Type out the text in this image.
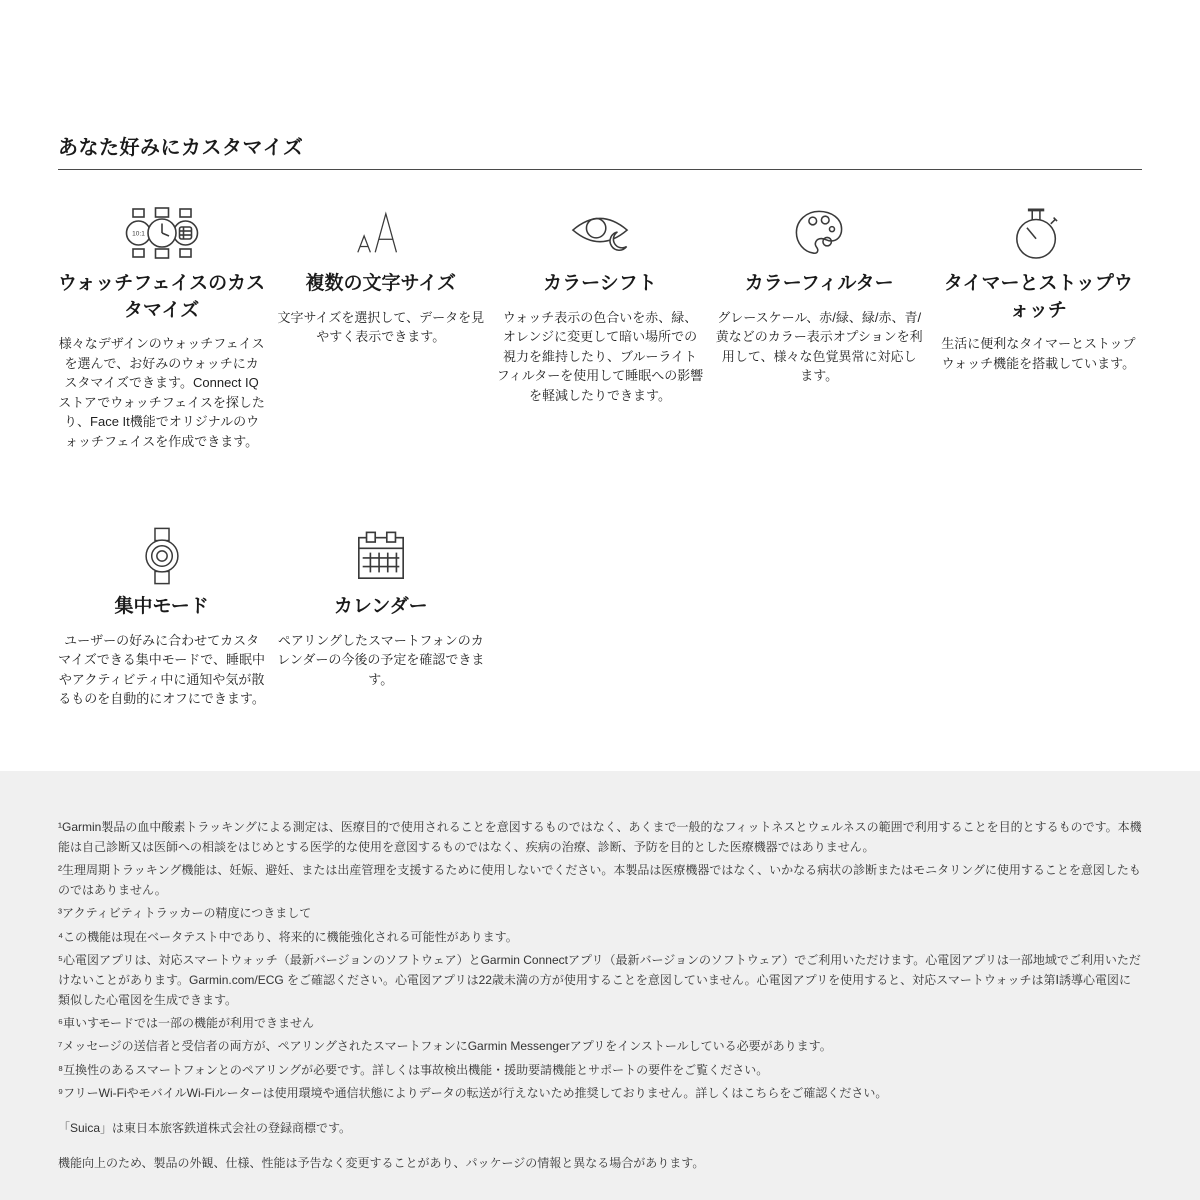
あなた好みにカスタマイズ
10:1
ウォッチフェイスのカスタマイズ

様々なデザインのウォッチフェイスを選んで、お好みのウォッチにカスタマイズできます。Connect IQストアでウォッチフェイスを探したり、Face It機能でオリジナルのウォッチフェイスを作成できます。

複数の文字サイズ

文字サイズを選択して、データを見やすく表示できます。

カラーシフト

ウォッチ表示の色合いを赤、緑、オレンジに変更して暗い場所での視力を維持したり、ブルーライト フィルターを使用して睡眠への影響を軽減したりできます。

カラーフィルター

グレースケール、赤/緑、緑/赤、青/黄などのカラー表示オプションを利用して、様々な色覚異常に対応します。

タイマーとストップウォッチ

生活に便利なタイマーとストップウォッチ機能を搭載しています。

集中モード

ユーザーの好みに合わせてカスタマイズできる集中モードで、睡眠中やアクティビティ中に通知や気が散るものを自動的にオフにできます。

カレンダー

ペアリングしたスマートフォンのカレンダーの今後の予定を確認できます。

¹Garmin製品の血中酸素トラッキングによる測定は、医療目的で使用されることを意図するものではなく、あくまで一般的なフィットネスとウェルネスの範囲で利用することを目的とするものです。本機能は自己診断又は医師への相談をはじめとする医学的な使用を意図するものではなく、疾病の治療、診断、予防を目的とした医療機器ではありません。

²生理周期トラッキング機能は、妊娠、避妊、または出産管理を支援するために使用しないでください。本製品は医療機器ではなく、いかなる病状の診断またはモニタリングに使用することを意図したものではありません。

³アクティビティトラッカーの精度につきまして

⁴この機能は現在ベータテスト中であり、将来的に機能強化される可能性があります。

⁵心電図アプリは、対応スマートウォッチ（最新バージョンのソフトウェア）とGarmin Connectアプリ（最新バージョンのソフトウェア）でご利用いただけます。心電図アプリは一部地域でご利用いただけないことがあります。Garmin.com/ECG をご確認ください。心電図アプリは22歳未満の方が使用することを意図していません。心電図アプリを使用すると、対応スマートウォッチは第Ⅰ誘導心電図に類似した心電図を生成できます。

⁶車いすモードでは一部の機能が利用できません

⁷メッセージの送信者と受信者の両方が、ペアリングされたスマートフォンにGarmin Messengerアプリをインストールしている必要があります。

⁸互換性のあるスマートフォンとのペアリングが必要です。詳しくは事故検出機能・援助要請機能とサポートの要件をご覧ください。

⁹フリーWi-FiやモバイルWi-Fiルーターは使用環境や通信状態によりデータの転送が行えないため推奨しておりません。詳しくはこちらをご確認ください。

「Suica」は東日本旅客鉄道株式会社の登録商標です。

機能向上のため、製品の外観、仕様、性能は予告なく変更することがあり、パッケージの情報と異なる場合があります。
